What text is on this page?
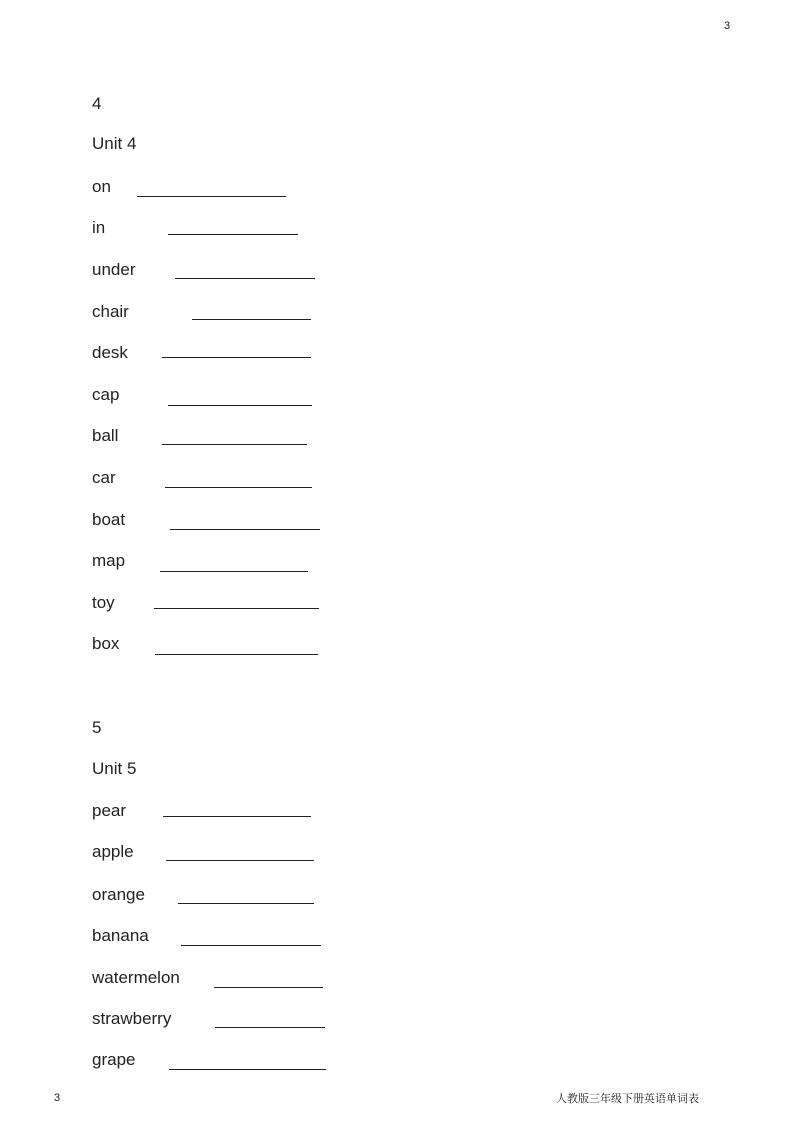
3
4
Unit 4
on
in
under
chair
desk
cap
ball
car
boat
map
toy
box
5
Unit 5
pear
apple
orange
banana
watermelon
strawberry
grape
3	人教版三年级下册英语单词表
